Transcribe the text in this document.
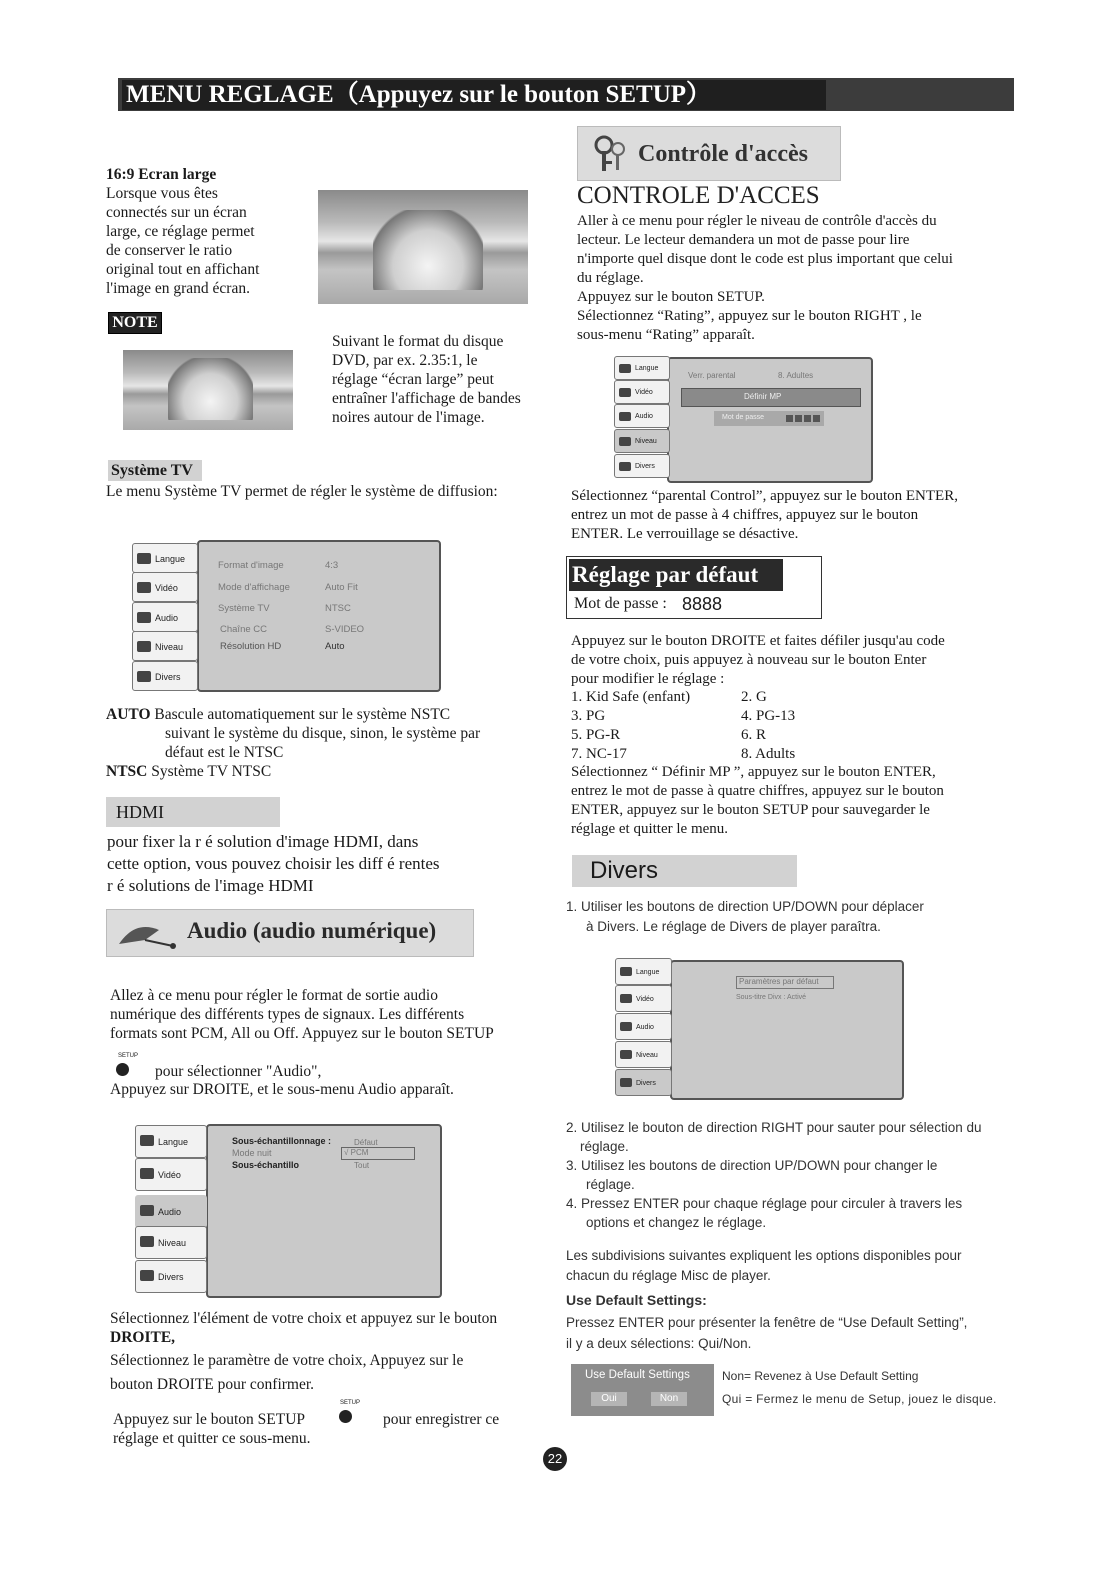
MENU REGLAGE（Appuyez sur le bouton SETUP）
16:9 Ecran large
Lorsque vous êtes
connectés sur un écran
large, ce réglage permet
de conserver le ratio
original tout en affichant
l'image en grand écran.
NOTE
Suivant le format du disque
DVD, par ex. 2.35:1, le
réglage “écran large” peut
entraîner l'affichage de bandes
noires autour de l'image.
Système TV
Le menu Système TV permet de régler le système de diffusion:
Langue
Vidéo
Audio
Niveau
Divers
Format d'image	4:3
Mode d'affichage	Auto Fit
Système TV	NTSC
Chaîne CC	S-VIDEO
Résolution HD	Auto
AUTO Bascule automatiquement sur le système NSTC
suivant le système du disque, sinon, le système par
défaut est le NTSC
NTSC Système TV NTSC
HDMI
pour fixer la r é solution d'image HDMI, dans
cette option, vous pouvez choisir les diff é rentes
r é solutions de l'image HDMI
Audio (audio numérique)
Allez à ce menu pour régler le format de sortie audio
numérique des différents types de signaux. Les différents
formats sont PCM, All ou Off. Appuyez sur le bouton SETUP
SETUP
pour sélectionner "Audio",
Appuyez sur DROITE, et le sous-menu Audio apparaît.
Langue
Vidéo
Audio
Niveau
Divers
Sous-échantillonnage :	Défaut
Mode nuit	√ PCM
Sous-échantillo	Tout
Sélectionnez l'élément de votre choix et appuyez sur le bouton
DROITE,
Sélectionnez le paramètre de votre choix, Appuyez sur le
bouton DROITE pour confirmer.
Appuyez sur le bouton SETUP
SETUP
pour enregistrer ce
réglage et quitter ce sous-menu.
Contrôle d'accès
CONTROLE D'ACCES
Aller à ce menu pour régler le niveau de contrôle d'accès du
lecteur. Le lecteur demandera un mot de passe pour lire
n'importe quel disque dont le code est plus important que celui
du réglage.
Appuyez sur le bouton SETUP.
Sélectionnez “Rating”, appuyez sur le bouton RIGHT , le
sous-menu “Rating” apparaît.
Langue
Vidéo
Audio
Niveau
Divers
Verr. parental	8. Adultes
Définir MP
Mot de passe
Sélectionnez “parental Control”, appuyez sur le bouton ENTER,
entrez un mot de passe à 4 chiffres, appuyez sur le bouton
ENTER. Le verrouillage se désactive.
Réglage par défaut
Mot de passe : 8888
Appuyez sur le bouton DROITE et faites défiler jusqu'au code
de votre choix, puis appuyez à nouveau sur le bouton Enter
pour modifier le réglage :
1. Kid Safe (enfant)	2. G
3. PG	4. PG-13
5. PG-R	6. R
7. NC-17	8. Adults
Sélectionnez “ Définir MP ”, appuyez sur le bouton ENTER,
entrez le mot de passe à quatre chiffres, appuyez sur le bouton
ENTER, appuyez sur le bouton SETUP pour sauvegarder le
réglage et quitter le menu.
Divers
1. Utiliser les boutons de direction UP/DOWN pour déplacer
à Divers. Le réglage de Divers de player paraîtra.
Langue
Vidéo
Audio
Niveau
Divers
Paramètres par défaut
Sous-titre Divx : Activé
2. Utilisez le bouton de direction RIGHT pour sauter pour sélection du
réglage.
3. Utilisez les boutons de direction UP/DOWN pour changer le
réglage.
4. Pressez ENTER pour chaque réglage pour circuler à travers les
options et changez le réglage.
Les subdivisions suivantes expliquent les options disponibles pour
chacun du réglage Misc de player.
Use Default Settings:
Pressez ENTER pour présenter la fenêtre de “Use Default Setting”,
il y a deux sélections: Qui/Non.
Use Default Settings
Oui	Non
Non= Revenez à Use Default Setting
Qui = Fermez le menu de Setup, jouez le disque.
22
